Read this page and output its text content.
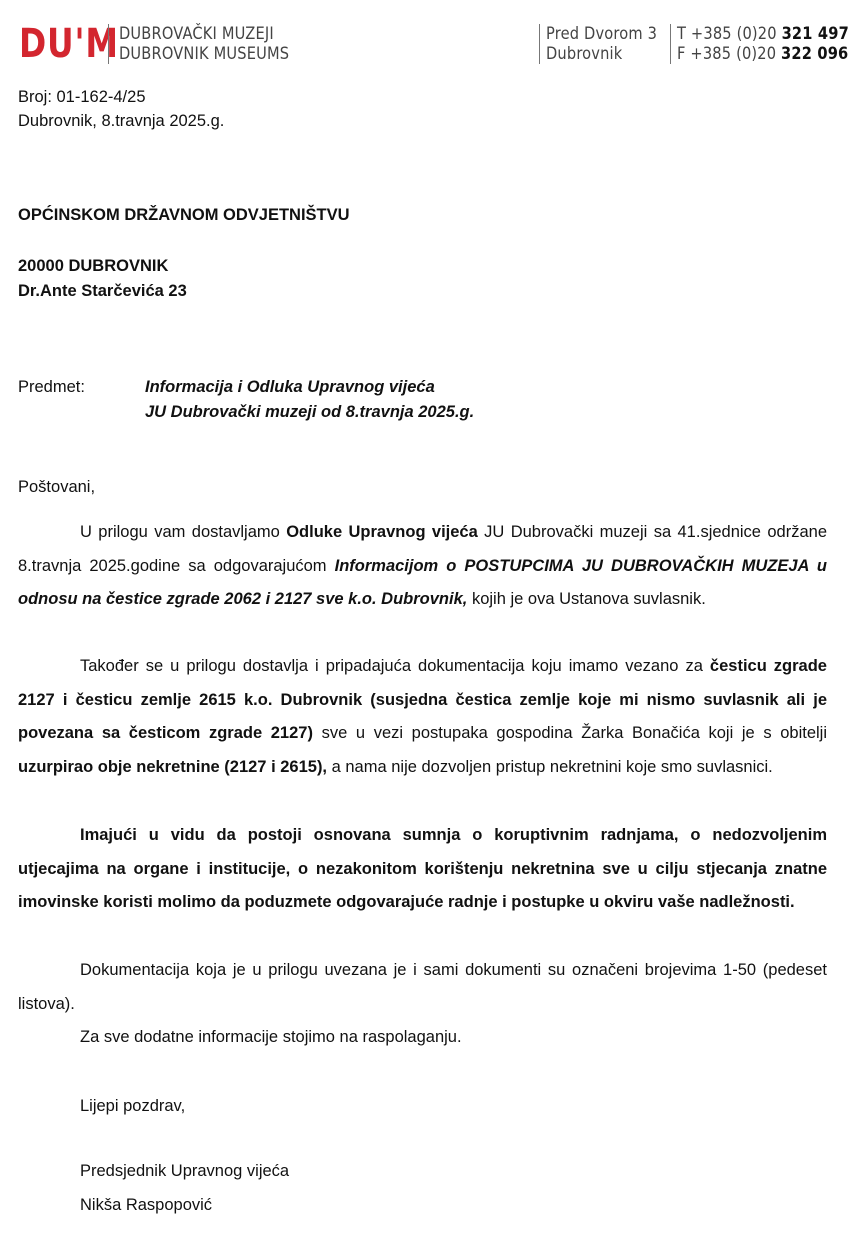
DU'M DUBROVAČKI MUZEJI
DUBROVNIK MUSEUMS
Pred Dvorom 3
Dubrovnik
T +385 (0)20 321 497
F +385 (0)20 322 096
Broj: 01-162-4/25
Dubrovnik, 8.travnja 2025.g.
OPĆINSKOM DRŽAVNOM ODVJETNIŠTVU
20000 DUBROVNIK
Dr.Ante Starčevića 23
Predmet:	Informacija i Odluka Upravnog vijeća
JU Dubrovački muzeji od 8.travnja 2025.g.
Poštovani,
U prilogu vam dostavljamo Odluke Upravnog vijeća JU Dubrovački muzeji sa 41.sjednice održane 8.travnja 2025.godine sa odgovarajućom Informacijom o POSTUPCIMA JU DUBROVAČKIH MUZEJA u odnosu na čestice zgrade 2062 i 2127 sve k.o. Dubrovnik, kojih je ova Ustanova suvlasnik.
Također se u prilogu dostavlja i pripadajuća dokumentacija koju imamo vezano za česticu zgrade 2127 i česticu zemlje 2615 k.o. Dubrovnik (susjedna čestica zemlje koje mi nismo suvlasnik ali je povezana sa česticom zgrade 2127) sve u vezi postupaka gospodina Žarka Bonačića koji je s obitelji uzurpirao obje nekretnine (2127 i 2615), a nama nije dozvoljen pristup nekretnini koje smo suvlasnici.
Imajući u vidu da postoji osnovana sumnja o koruptivnim radnjama, o nedozvoljenim utjecajima na organe i institucije, o nezakonitom korištenju nekretnina sve u cilju stjecanja znatne imovinske koristi molimo da poduzmete odgovarajuće radnje i postupke u okviru vaše nadležnosti.
Dokumentacija koja je u prilogu uvezana je i sami dokumenti su označeni brojevima 1-50 (pedeset listova).
Za sve dodatne informacije stojimo na raspolaganju.
Lijepi pozdrav,
Predsjednik Upravnog vijeća
Nikša Raspopović
